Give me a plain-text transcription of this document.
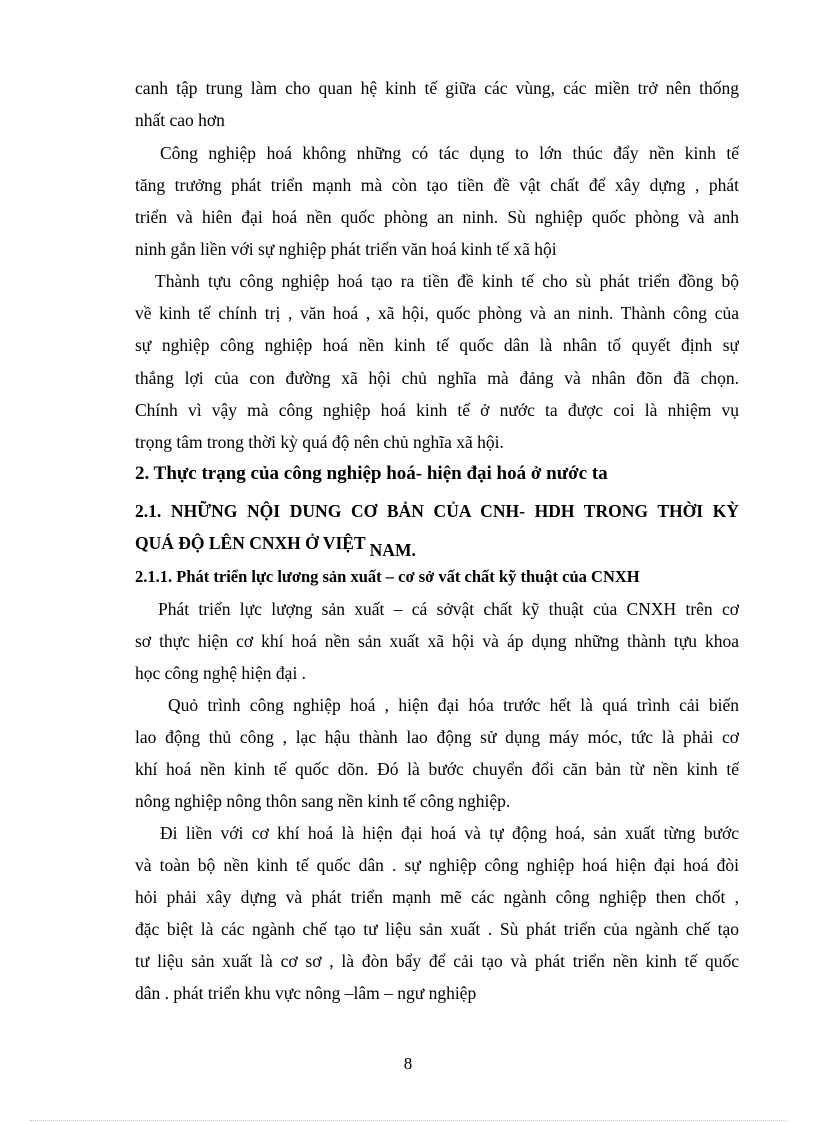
canh tập trung làm cho quan hệ kinh tế giữa các vùng, các miền trở nên thống
nhất cao hơn
Công nghiệp hoá không những có tác dụng to lớn thúc đẩy nền kinh tế
tăng trưởng phát triển mạnh mà còn tạo tiền đề vật chất để xây dựng , phát
triển và hiên đại hoá nền quốc phòng an ninh. Sù nghiệp quốc phòng và anh
ninh gắn liền với sự nghiệp phát triển văn hoá kinh tế xã hội
Thành tựu công nghiệp hoá tạo ra tiền đề kinh tế cho sù phát triển đồng bộ
về kinh tế chính trị , văn hoá , xã hội, quốc phòng và an ninh. Thành công của
sự nghiệp công nghiệp hoá nền kinh tế quốc dân là nhân tố quyết định sự
thắng lợi của con đường xã hội chủ nghĩa mà đảng và nhân đõn đã chọn.
Chính vì vậy mà công nghiệp hoá kinh tế ở nước ta được coi là nhiệm vụ
trọng tâm trong thời kỳ quá độ nên chủ nghĩa xã hội.
2. Thực trạng của công nghiệp hoá- hiện đại hoá ở nước ta
2.1. NHỮNG NỘI DUNG CƠ BẢN CỦA CNH- HDH TRONG THỜI KỲ
QUÁ ĐỘ LÊN CNXH Ở VIỆT NAM.
2.1.1. Phát triển lực lương sản xuất – cơ sở vất chất kỹ thuật của CNXH
Phát triển lực lượng sản xuất – cá sởvật chất kỹ thuật của CNXH trên cơ
sơ thực hiện cơ khí hoá nền sản xuất xã hội và áp dụng những thành tựu khoa
học công nghệ hiện đại .
Quỏ trình công nghiệp hoá , hiện đại hóa trước hết là quá trình cải biến
lao động thủ công , lạc hậu thành lao động sử dụng máy móc, tức là phải cơ
khí hoá nền kinh tế quốc dõn. Đó là bước chuyển đổi căn bản từ nền kinh tế
nông nghiệp nông thôn sang nền kinh tế công nghiệp.
Đi liền với cơ khí hoá là hiện đại hoá và tự động hoá, sản xuất từng bước
và toàn bộ nền kinh tế quốc dân . sự nghiệp công nghiệp hoá hiện đại hoá đòi
hỏi phải xây dựng và phát triển mạnh mẽ các ngành công nghiệp then chốt ,
đặc biệt là các ngành chế tạo tư liệu sản xuất . Sù phát triển của ngành chế tạo
tư liệu sản xuất là cơ sơ , là đòn bẩy để cải tạo và phát triển nền kinh tế quốc
dân . phát triển khu vực nông –lâm – ngư nghiệp
8
